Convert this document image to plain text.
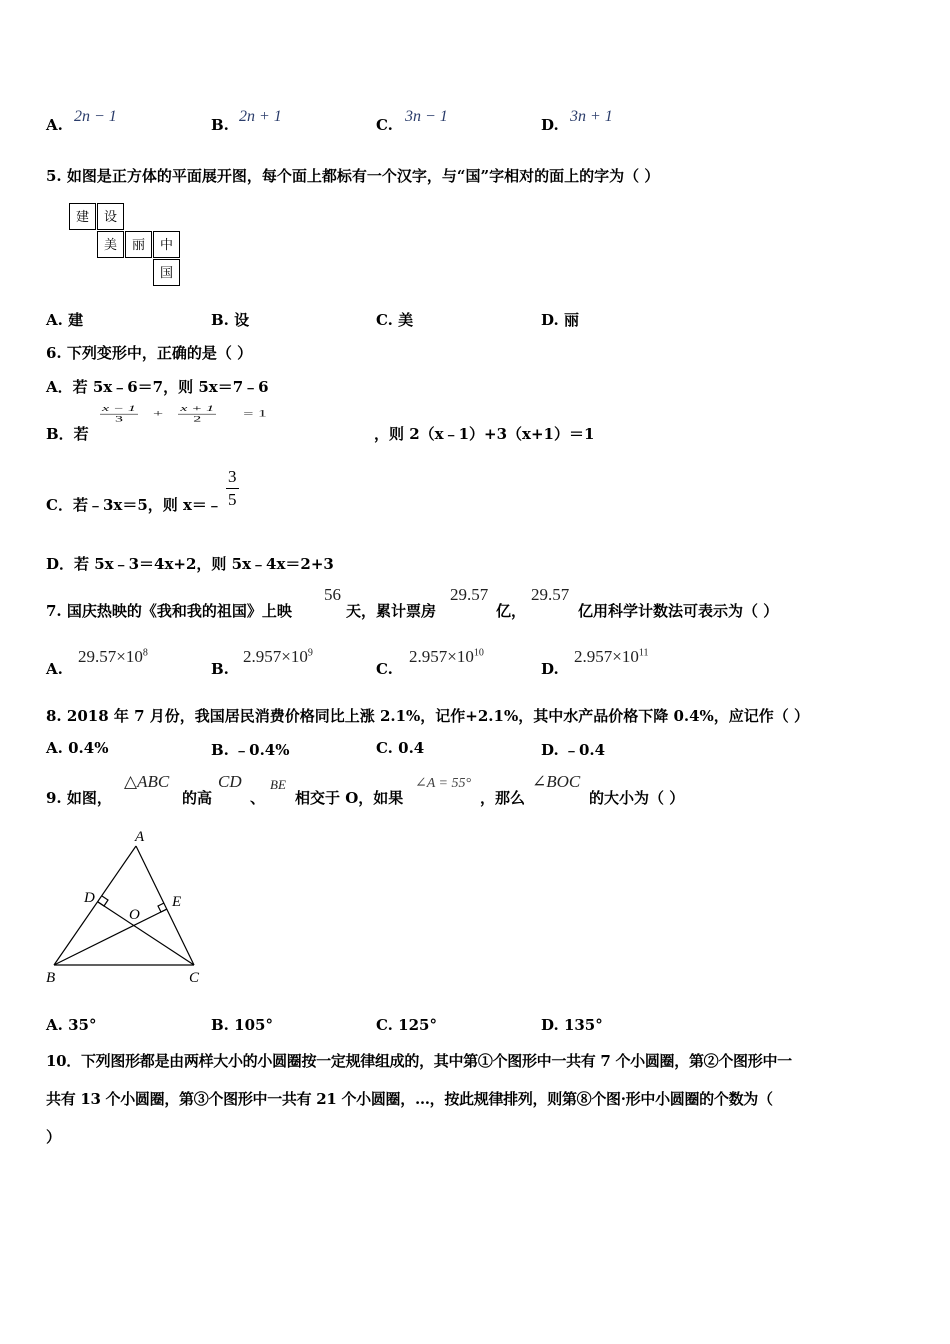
A. 2n − 1	B. 2n + 1	C. 3n − 1	D. 3n + 1
5. 如图是正方体的平面展开图，每个面上都标有一个汉字，与“国”字相对的面上的字为（ ）
建	设
美	丽	中
国
A. 建	B. 设	C. 美	D. 丽
6. 下列变形中，正确的是（ ）
A．若 5x﹣6＝7，则 5x＝7﹣6
B．若
$\frac{x - 1}{3} + \frac{x + 1}{2} = 1$
，则 2（x﹣1）+3（x+1）＝1
C．若﹣3x＝5，则 x＝﹣ $\frac{3}{5}$
D．若 5x﹣3＝4x+2，则 5x﹣4x＝2+3
7. 国庆热映的《我和我的祖国》上映
56
天，累计票房
29.57
亿，
29.57
亿用科学计数法可表示为（ ）
A.
$29.57\times 10^8$
B.
$2.957\times 10^9$
C.
$2.957\times 10^{10}$
D.
$2.957\times 10^{11}$
8. 2018 年 7 月份，我国居民消费价格同比上涨 2.1%，记作+2.1%，其中水产品价格下降 0.4%，应记作（ ）
A. 0.4%	B. ﹣0.4%	C. 0.4	D. ﹣0.4
9. 如图，
△ABC
的高
CD
、
BE
相交于 O，如果
∠A = 55°
，那么
∠BOC
的大小为（ ）
A
D	E
O
B	C
A. 35°	B. 105°	C. 125°	D. 135°
10．下列图形都是由两样大小的小圆圈按一定规律组成的，其中第①个图形中一共有 7 个小圆圈，第②个图形中一
共有 13 个小圆圈，第③个图形中一共有 21 个小圆圈，…，按此规律排列，则第⑧个图·形中小圆圈的个数为（
）
